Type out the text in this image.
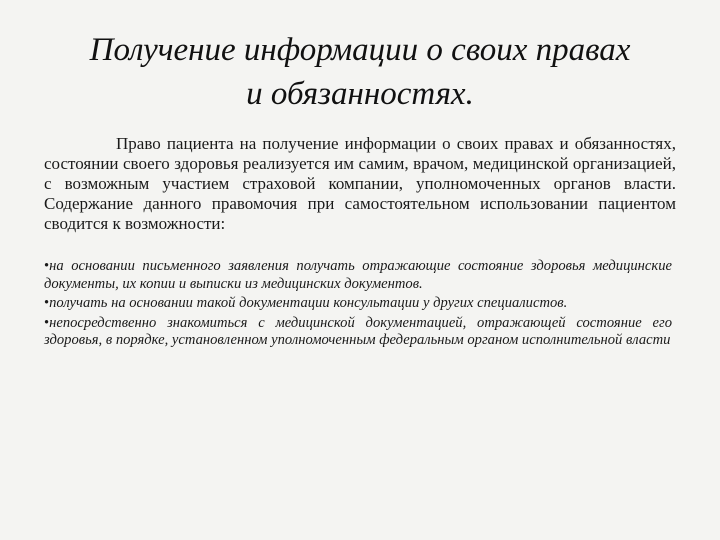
Получение информации о своих правах
и обязанностях.

Право пациента на получение информации о своих правах и обязанностях, состоянии своего здоровья реализуется им самим, врачом, медицинской организацией, с возможным участием страховой компании, уполномоченных органов власти. Содержание данного правомочия при самостоятельном использовании пациентом сводится к возможности:

•на основании письменного заявления получать отражающие состояние здоровья медицинские документы, их копии и выписки из медицинских документов.
•получать на основании такой документации консультации у других специалистов.
•непосредственно знакомиться с медицинской документацией, отражающей состояние его здоровья, в порядке, установленном уполномоченным федеральным органом исполнительной власти
